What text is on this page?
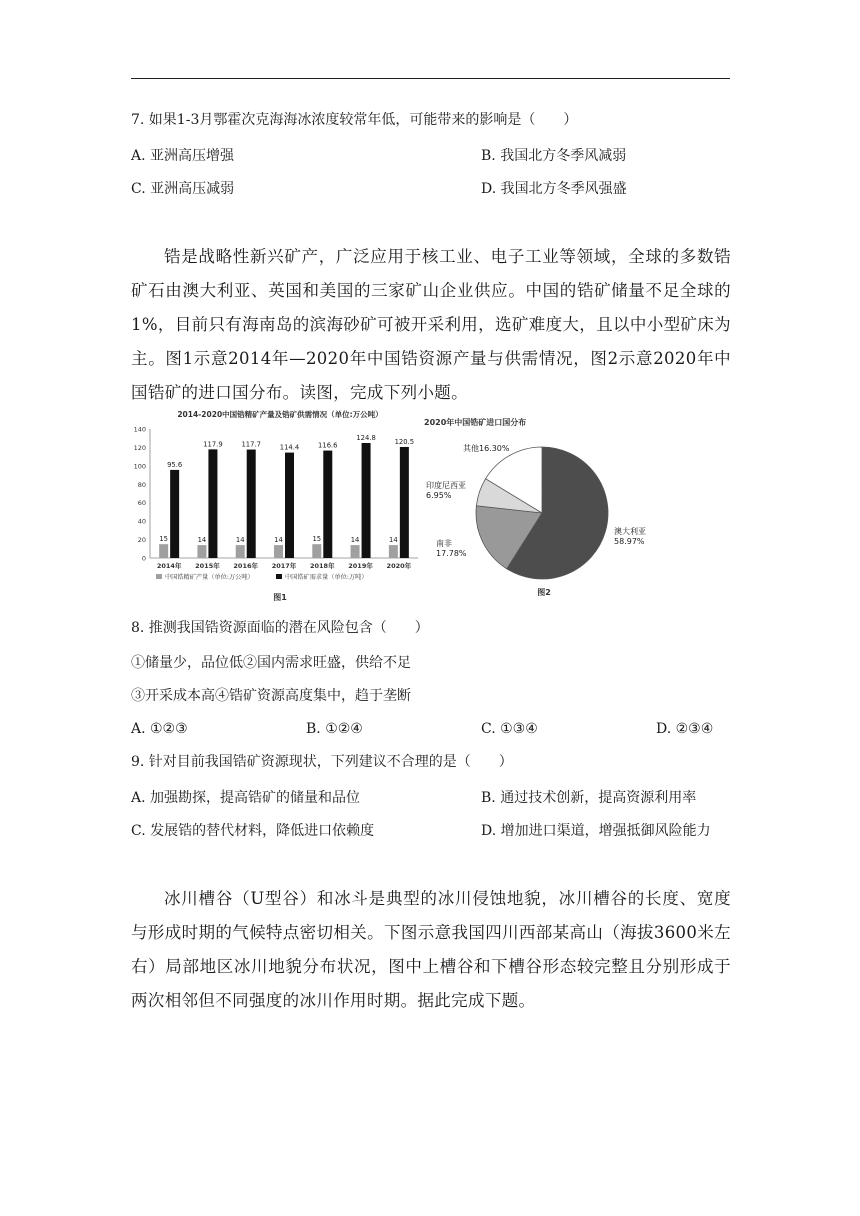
7. 如果1-3月鄂霍次克海海冰浓度较常年低，可能带来的影响是（　　）
A. 亚洲高压增强	B. 我国北方冬季风减弱
C. 亚洲高压减弱	D. 我国北方冬季风强盛

锆是战略性新兴矿产，广泛应用于核工业、电子工业等领域，全球的多数锆矿石由澳大利亚、英国和美国的三家矿山企业供应。中国的锆矿储量不足全球的1%，目前只有海南岛的滨海砂矿可被开采利用，选矿难度大，且以中小型矿床为主。图1示意2014年—2020年中国锆资源产量与供需情况，图2示意2020年中国锆矿的进口国分布。读图，完成下列小题。

2014-2020中国锆精矿产量及锆矿供需情况（单位:万公吨）
0
20
40
60
80
100
120
140
2014年 2015年 2016年 2017年 2018年 2019年 2020年
15
95.6
14
117.9
14
117.7
14
114.4
15
116.6
14
124.8
14
120.5
中国锆精矿产量（单位:万公吨）	中国锆矿需求量（单位:万吨）
图1
2020年中国锆矿进口国分布
澳大利亚
58.97%
南非
17.78%
印度尼西亚
6.95%
其他16.30%
图2
8. 推测我国锆资源面临的潜在风险包含（　　）
①储量少，品位低②国内需求旺盛，供给不足
③开采成本高④锆矿资源高度集中，趋于垄断
A. ①②③	B. ①②④	C. ①③④	D. ②③④
9. 针对目前我国锆矿资源现状，下列建议不合理的是（　　）
A. 加强勘探，提高锆矿的储量和品位	B. 通过技术创新，提高资源利用率
C. 发展锆的替代材料，降低进口依赖度	D. 增加进口渠道，增强抵御风险能力

冰川槽谷（U型谷）和冰斗是典型的冰川侵蚀地貌，冰川槽谷的长度、宽度与形成时期的气候特点密切相关。下图示意我国四川西部某高山（海拔3600米左右）局部地区冰川地貌分布状况，图中上槽谷和下槽谷形态较完整且分别形成于两次相邻但不同强度的冰川作用时期。据此完成下题。
